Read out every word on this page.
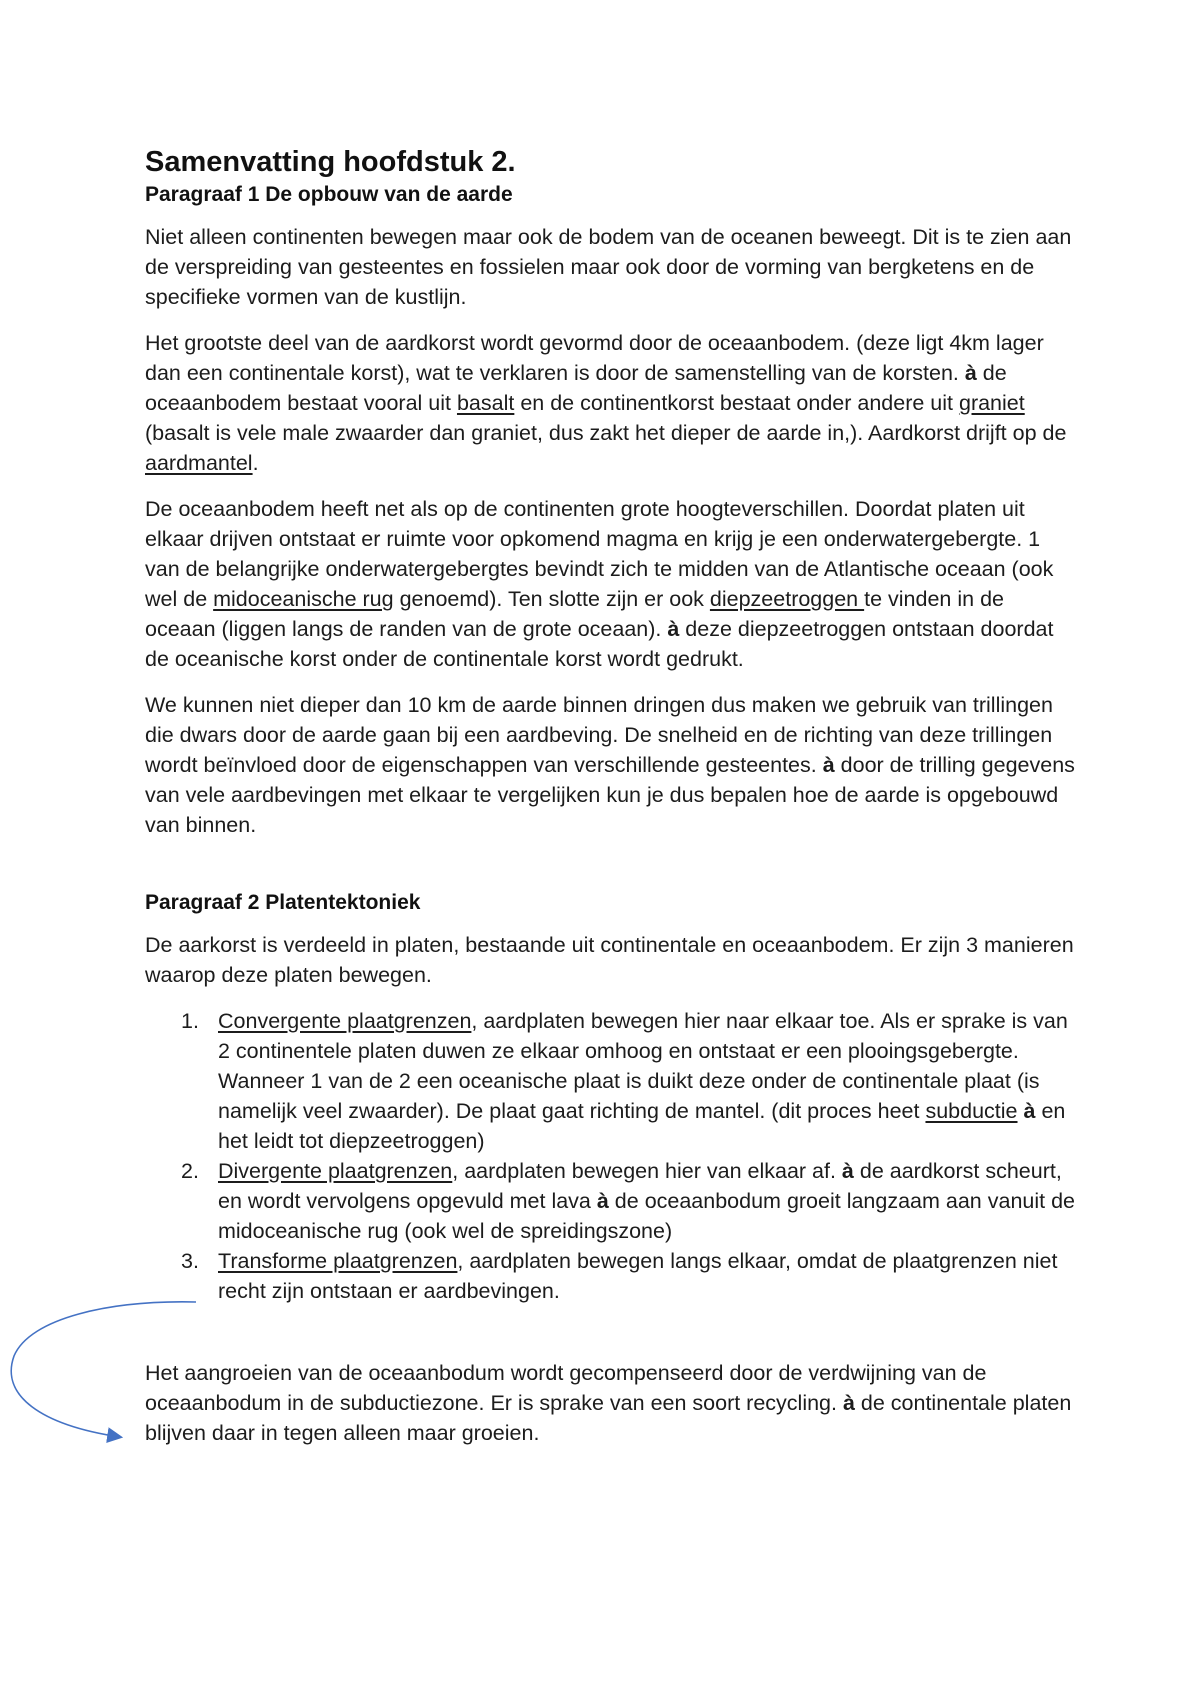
Samenvatting hoofdstuk 2.
Paragraaf 1 De opbouw van de aarde

Niet alleen continenten bewegen maar ook de bodem van de oceanen beweegt. Dit is te zien aan de verspreiding van gesteentes en fossielen maar ook door de vorming van bergketens en de specifieke vormen van de kustlijn.

Het grootste deel van de aardkorst wordt gevormd door de oceaanbodem. (deze ligt 4km lager dan een continentale korst), wat te verklaren is door de samenstelling van de korsten. à de oceaanbodem bestaat vooral uit basalt en de continentkorst bestaat onder andere uit graniet (basalt is vele male zwaarder dan graniet, dus zakt het dieper de aarde in,). Aardkorst drijft op de aardmantel.

De oceaanbodem heeft net als op de continenten grote hoogteverschillen. Doordat platen uit elkaar drijven ontstaat er ruimte voor opkomend magma en krijg je een onderwatergebergte. 1 van de belangrijke onderwatergebergtes bevindt zich te midden van de Atlantische oceaan (ook wel de midoceanische rug genoemd). Ten slotte zijn er ook diepzeetroggen te vinden in de oceaan (liggen langs de randen van de grote oceaan). à deze diepzeetroggen ontstaan doordat de oceanische korst onder de continentale korst wordt gedrukt.

We kunnen niet dieper dan 10 km de aarde binnen dringen dus maken we gebruik van trillingen die dwars door de aarde gaan bij een aardbeving. De snelheid en de richting van deze trillingen wordt beïnvloed door de eigenschappen van verschillende gesteentes. à door de trilling gegevens van vele aardbevingen met elkaar te vergelijken kun je dus bepalen hoe de aarde is opgebouwd van binnen.

Paragraaf 2 Platentektoniek

De aarkorst is verdeeld in platen, bestaande uit continentale en oceaanbodem. Er zijn 3 manieren waarop deze platen bewegen.

1. Convergente plaatgrenzen, aardplaten bewegen hier naar elkaar toe. Als er sprake is van 2 continentele platen duwen ze elkaar omhoog en ontstaat er een plooingsgebergte. Wanneer 1 van de 2 een oceanische plaat is duikt deze onder de continentale plaat (is namelijk veel zwaarder). De plaat gaat richting de mantel. (dit proces heet subductie à en het leidt tot diepzeetroggen)
2. Divergente plaatgrenzen, aardplaten bewegen hier van elkaar af. à de aardkorst scheurt, en wordt vervolgens opgevuld met lava à de oceaanbodum groeit langzaam aan vanuit de midoceanische rug (ook wel de spreidingszone)
3. Transforme plaatgrenzen, aardplaten bewegen langs elkaar, omdat de plaatgrenzen niet recht zijn ontstaan er aardbevingen.

Het aangroeien van de oceaanbodum wordt gecompenseerd door de verdwijning van de oceaanbodum in de subductiezone. Er is sprake van een soort recycling. à de continentale platen blijven daar in tegen alleen maar groeien.
